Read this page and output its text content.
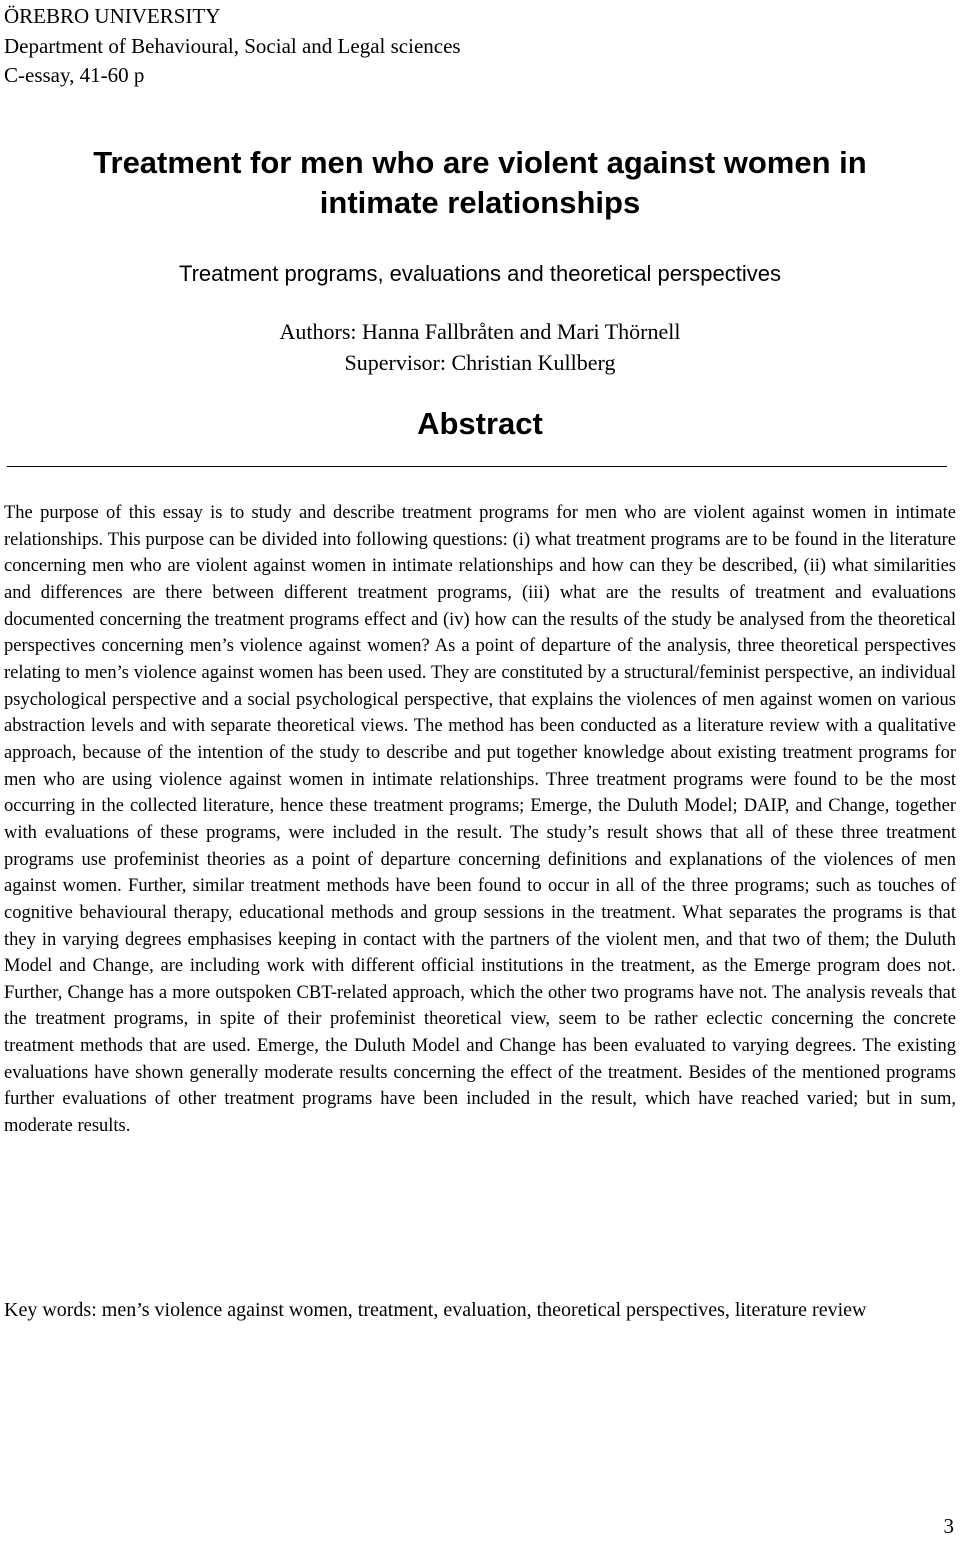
ÖREBRO UNIVERSITY
Department of Behavioural, Social and Legal sciences
C-essay, 41-60 p
Treatment for men who are violent against women in
intimate relationships
Treatment programs, evaluations and theoretical perspectives
Authors: Hanna Fallbråten and Mari Thörnell
Supervisor: Christian Kullberg
Abstract
The purpose of this essay is to study and describe treatment programs for men who are violent against women in intimate relationships. This purpose can be divided into following questions: (i) what treatment programs are to be found in the literature concerning men who are violent against women in intimate relationships and how can they be described, (ii) what similarities and differences are there between different treatment programs, (iii) what are the results of treatment and evaluations documented concerning the treatment programs effect and (iv) how can the results of the study be analysed from the theoretical perspectives concerning men’s violence against women? As a point of departure of the analysis, three theoretical perspectives relating to men’s violence against women has been used. They are constituted by a structural/feminist perspective, an individual psychological perspective and a social psychological perspective, that explains the violences of men against women on various abstraction levels and with separate theoretical views. The method has been conducted as a literature review with a qualitative approach, because of the intention of the study to describe and put together knowledge about existing treatment programs for men who are using violence against women in intimate relationships. Three treatment programs were found to be the most occurring in the collected literature, hence these treatment programs; Emerge, the Duluth Model; DAIP, and Change, together with evaluations of these programs, were included in the result. The study’s result shows that all of these three treatment programs use profeminist theories as a point of departure concerning definitions and explanations of the violences of men against women. Further, similar treatment methods have been found to occur in all of the three programs; such as touches of cognitive behavioural therapy, educational methods and group sessions in the treatment. What separates the programs is that they in varying degrees emphasises keeping in contact with the partners of the violent men, and that two of them; the Duluth Model and Change, are including work with different official institutions in the treatment, as the Emerge program does not. Further, Change has a more outspoken CBT-related approach, which the other two programs have not. The analysis reveals that the treatment programs, in spite of their profeminist theoretical view, seem to be rather eclectic concerning the concrete treatment methods that are used. Emerge, the Duluth Model and Change has been evaluated to varying degrees. The existing evaluations have shown generally moderate results concerning the effect of the treatment. Besides of the mentioned programs further evaluations of other treatment programs have been included in the result, which have reached varied; but in sum, moderate results.
Key words: men’s violence against women, treatment, evaluation, theoretical perspectives, literature review
3
